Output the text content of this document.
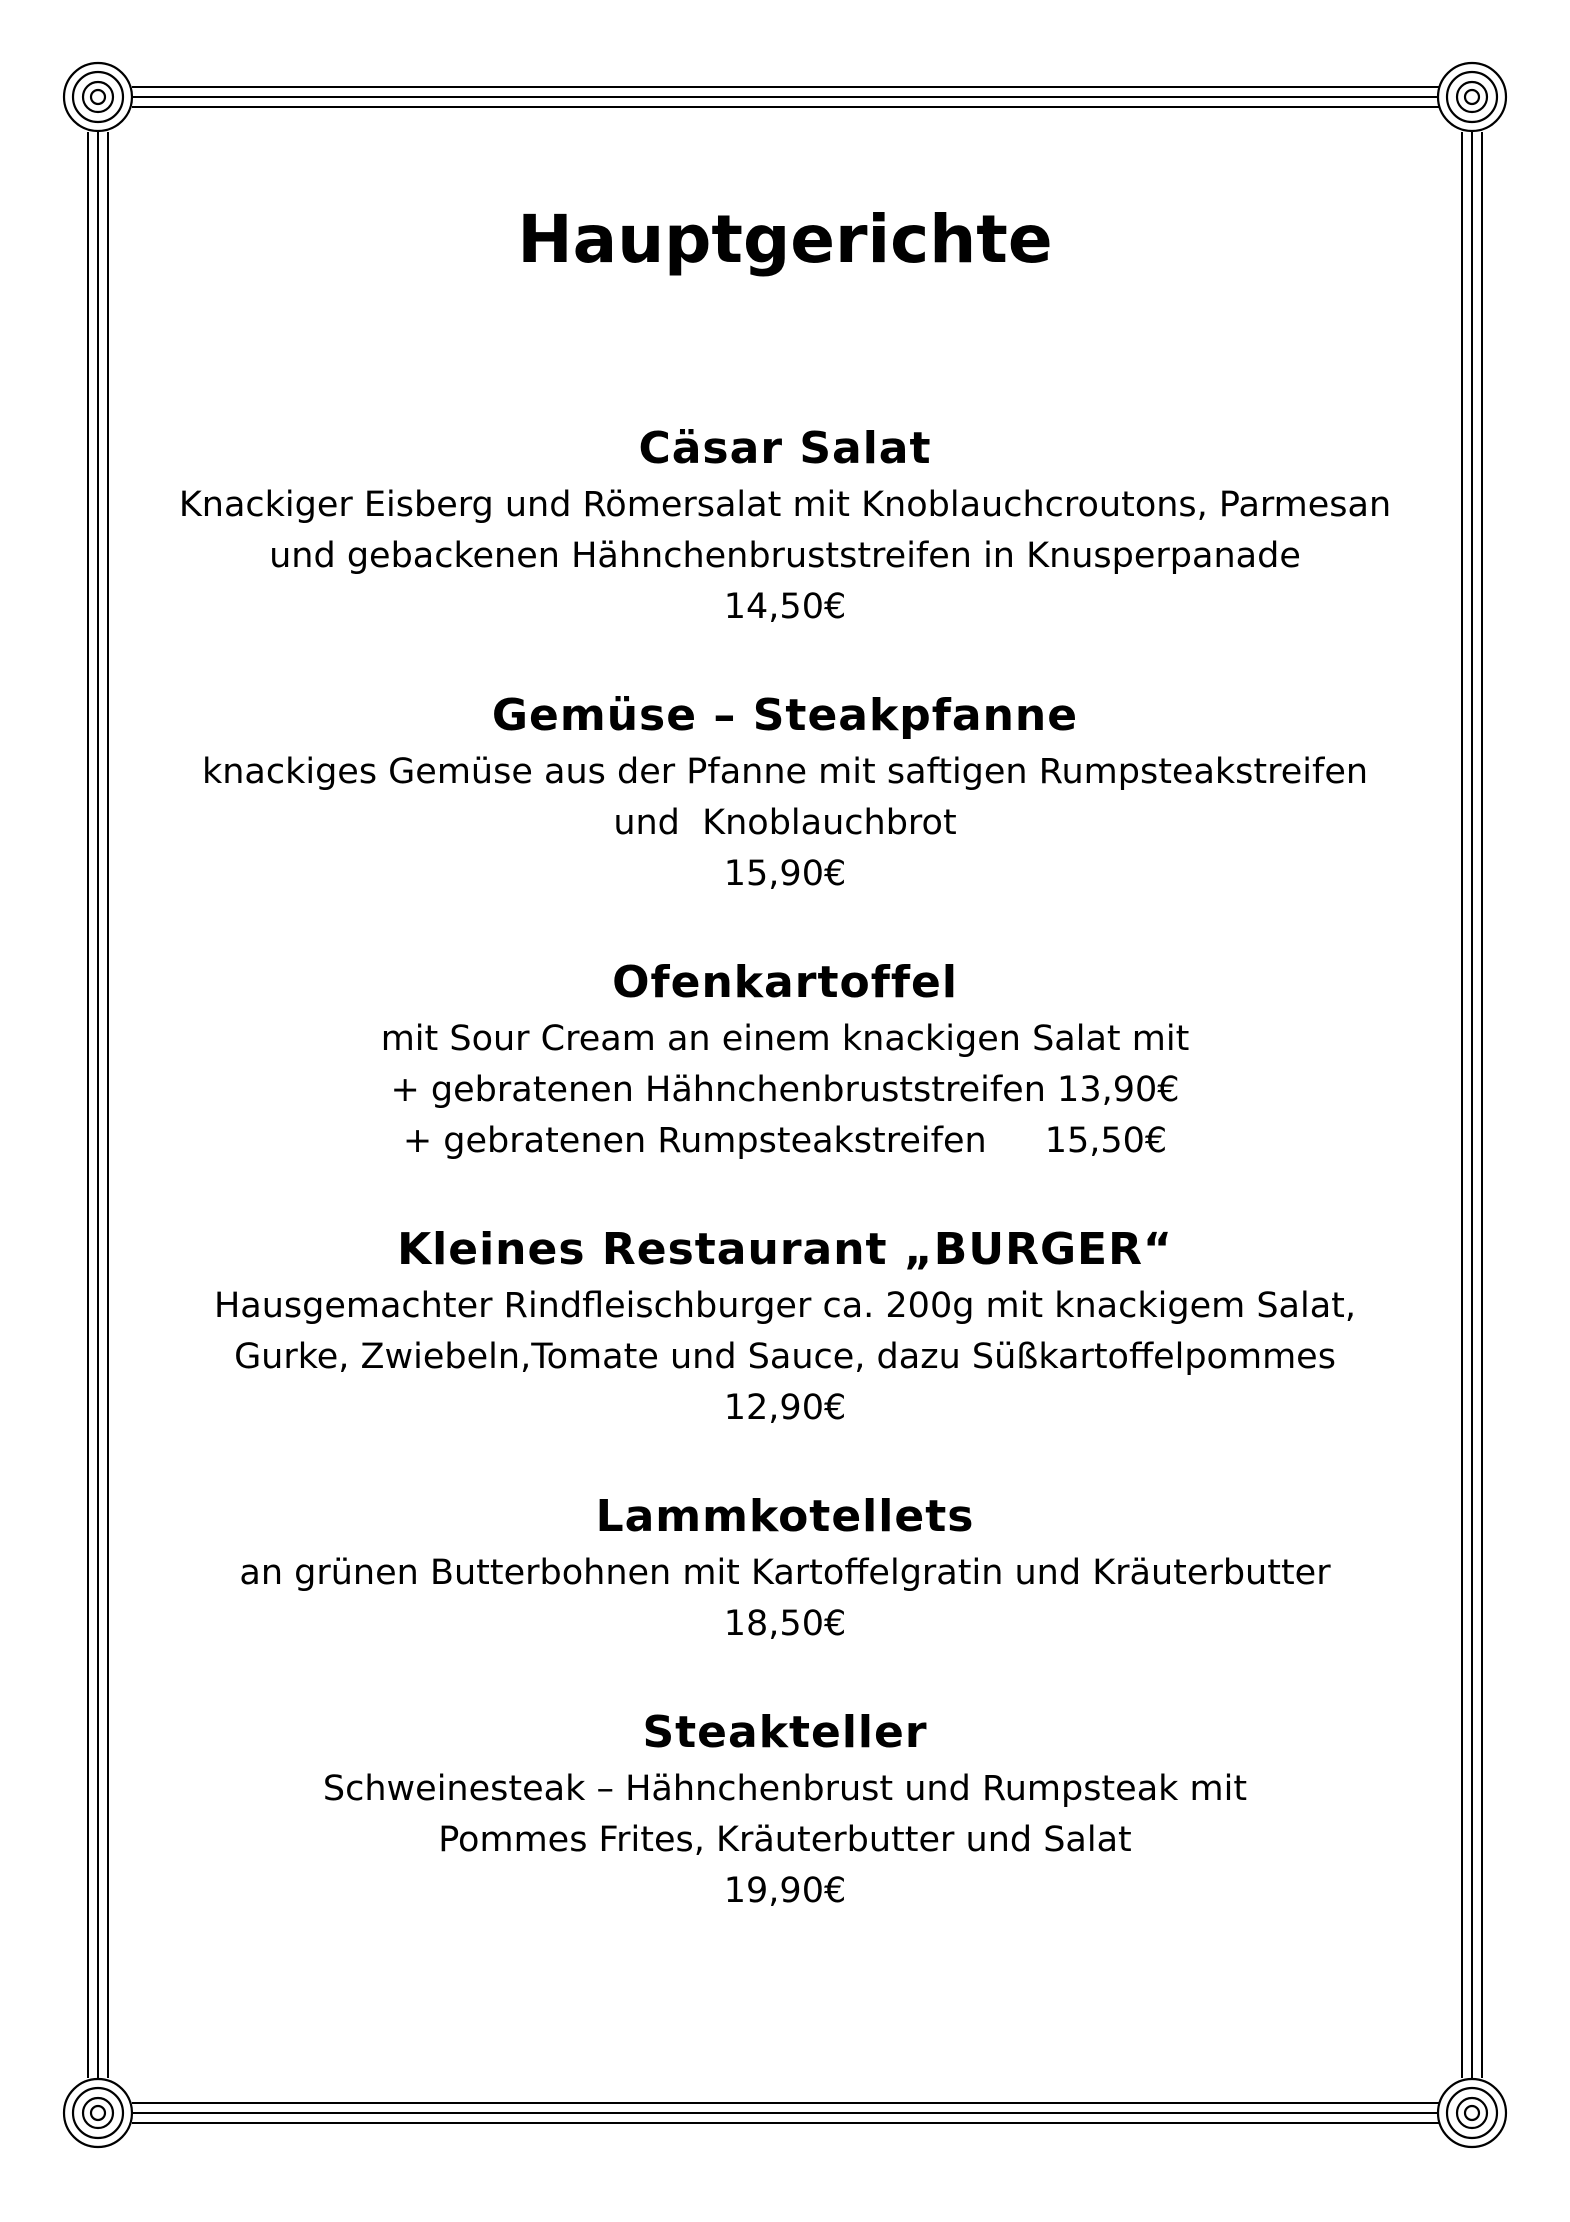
Hauptgerichte

Cäsar Salat

Knackiger Eisberg und Römersalat mit Knoblauchcroutons, Parmesan

und gebackenen Hähnchenbruststreifen in Knusperpanade

14,50€

Gemüse – Steakpfanne

knackiges Gemüse aus der Pfanne mit saftigen Rumpsteakstreifen

und  Knoblauchbrot

15,90€

Ofenkartoffel

mit Sour Cream an einem knackigen Salat mit

+ gebratenen Hähnchenbruststreifen 13,90€

+ gebratenen Rumpsteakstreifen 15,50€

Kleines Restaurant „BURGER“

Hausgemachter Rindfleischburger ca. 200g mit knackigem Salat,

Gurke, Zwiebeln,Tomate und Sauce, dazu Süßkartoffelpommes

12,90€

Lammkotellets

an grünen Butterbohnen mit Kartoffelgratin und Kräuterbutter

18,50€

Steakteller

Schweinesteak – Hähnchenbrust und Rumpsteak mit

Pommes Frites, Kräuterbutter und Salat

19,90€
